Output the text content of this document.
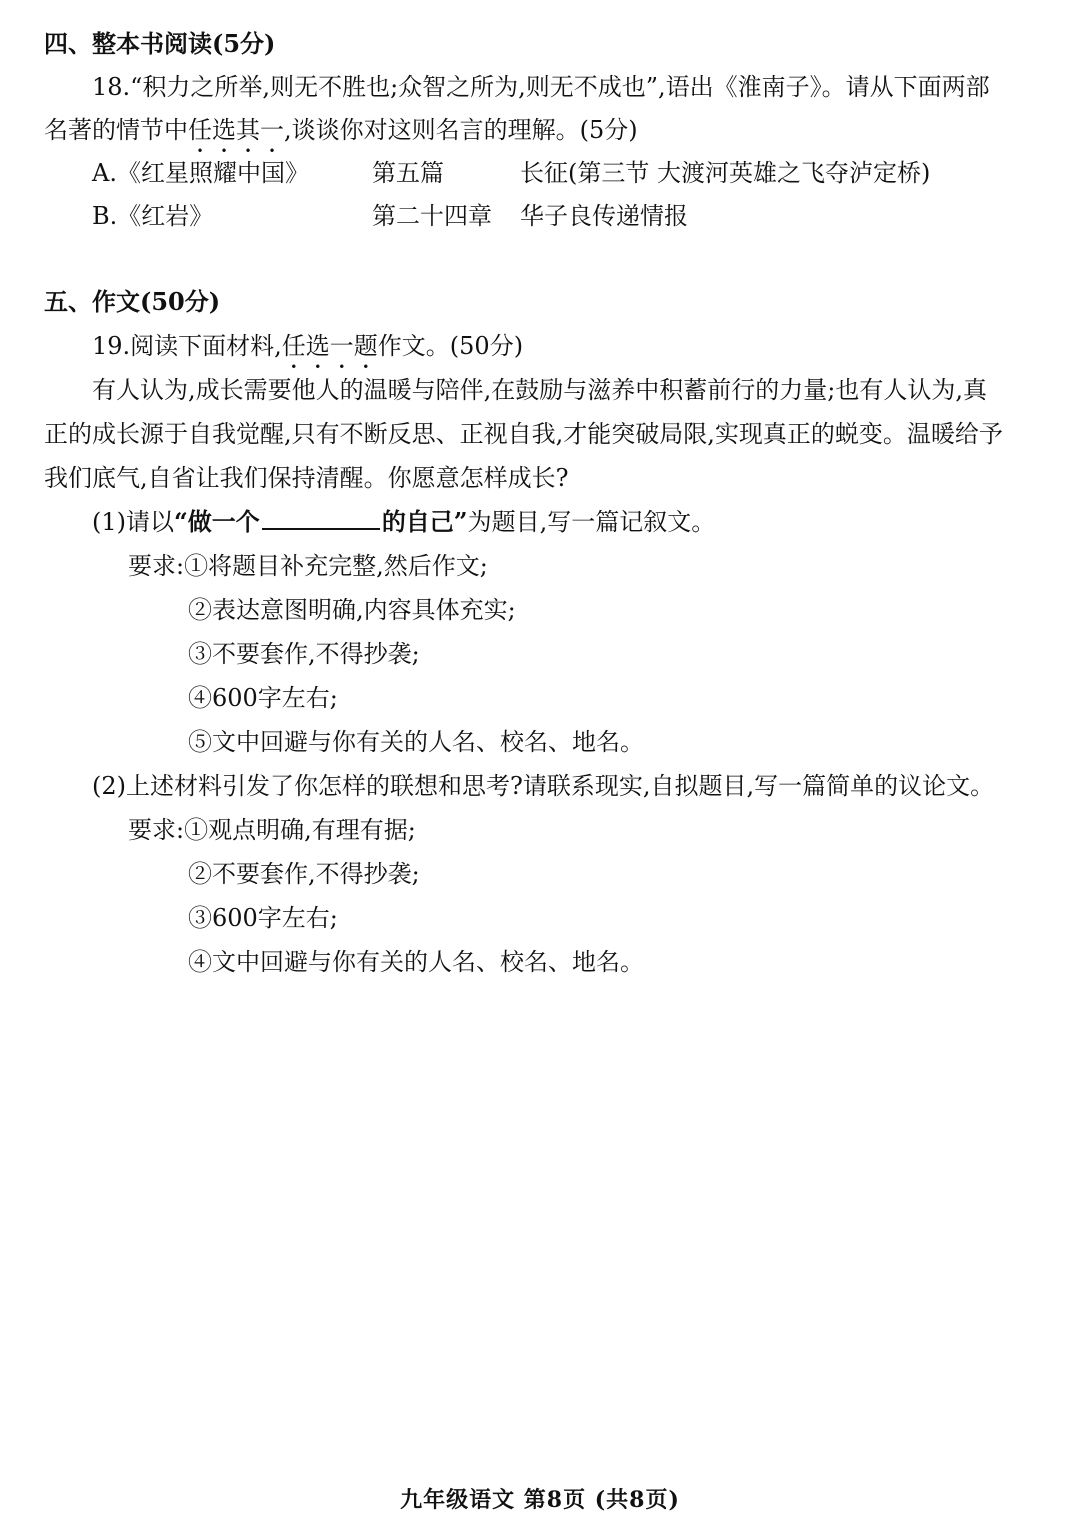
四、整本书阅读(5分)
18.“积力之所举,则无不胜也;众智之所为,则无不成也”,语出《淮南子》。请从下面两部
名著的情节中任选其一,谈谈你对这则名言的理解。(5分)
A.《红星照耀中国》	第五篇	长征(第三节 大渡河英雄之飞夺泸定桥)
B.《红岩》	第二十四章 华子良传递情报
五、作文(50分)
19.阅读下面材料,任选一题作文。(50分)
有人认为,成长需要他人的温暖与陪伴,在鼓励与滋养中积蓄前行的力量;也有人认为,真
正的成长源于自我觉醒,只有不断反思、正视自我,才能突破局限,实现真正的蜕变。温暖给予
我们底气,自省让我们保持清醒。你愿意怎样成长?
(1)请以“做一个	的自己”为题目,写一篇记叙文。
要求:①将题目补充完整,然后作文;
②表达意图明确,内容具体充实;
③不要套作,不得抄袭;
④600字左右;
⑤文中回避与你有关的人名、校名、地名。
(2)上述材料引发了你怎样的联想和思考?请联系现实,自拟题目,写一篇简单的议论文。
要求:①观点明确,有理有据;
②不要套作,不得抄袭;
③600字左右;
④文中回避与你有关的人名、校名、地名。
九年级语文 第8页 (共8页)
